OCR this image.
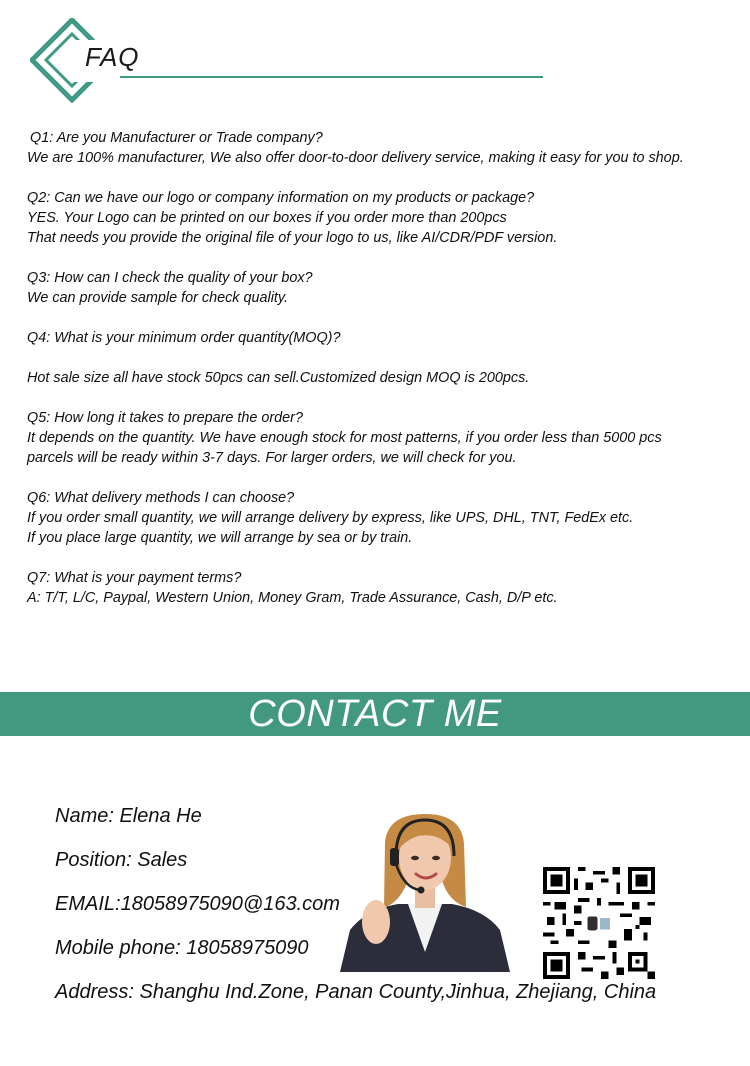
FAQ

Q1: Are you Manufacturer or Trade company?

We are 100% manufacturer, We also offer door-to-door delivery service, making it easy for you to shop.

Q2: Can we have our logo or company information on my products or package?

YES. Your Logo can be printed on our boxes if you order more than 200pcs

That needs you provide the original file of your logo to us, like AI/CDR/PDF version.

Q3: How can I check the quality of your box?

We can provide sample for check quality.

Q4: What is your minimum order quantity(MOQ)?

Hot sale size all have stock 50pcs can sell.Customized design MOQ is 200pcs.

Q5: How long it takes to prepare the order?

It depends on the quantity. We have enough stock for most patterns, if you order less than 5000 pcs

parcels will be ready within 3-7 days. For larger orders, we will check for you.

Q6: What delivery methods I can choose?

If you order small quantity, we will arrange delivery by express, like UPS, DHL, TNT, FedEx etc.

If you place large quantity, we will arrange by sea or by train.

Q7: What is your payment terms?

A: T/T, L/C, Paypal, Western Union, Money Gram, Trade Assurance, Cash, D/P etc.

CONTACT ME
Name: Elena He
Position: Sales
EMAIL:18058975090@163.com
Mobile phone: 18058975090
Address: Shanghu Ind.Zone, Panan County,Jinhua, Zhejiang, China
